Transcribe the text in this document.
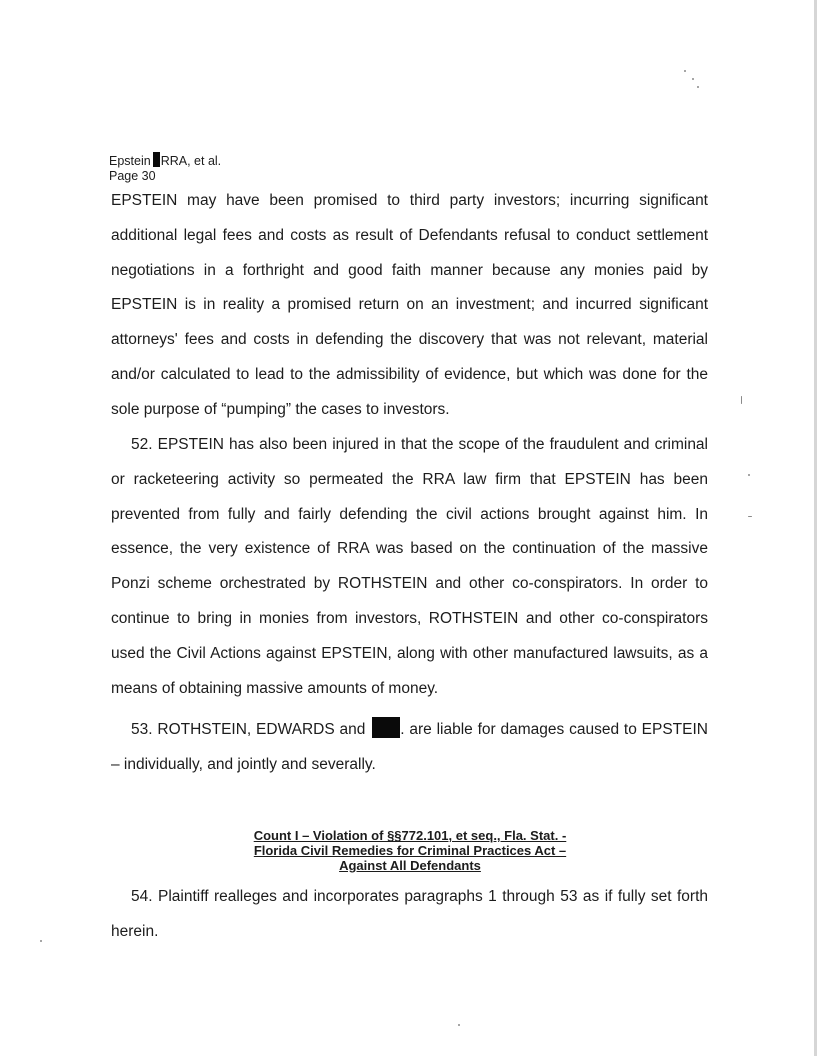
Epstein RRA, et al.
Page 30

EPSTEIN may have been promised to third party investors; incurring significant additional legal fees and costs as result of Defendants refusal to conduct settlement negotiations in a forthright and good faith manner because any monies paid by EPSTEIN is in reality a promised return on an investment; and incurred significant attorneys' fees and costs in defending the discovery that was not relevant, material and/or calculated to lead to the admissibility of evidence, but which was done for the sole purpose of “pumping” the cases to investors.

52. EPSTEIN has also been injured in that the scope of the fraudulent and criminal or racketeering activity so permeated the RRA law firm that EPSTEIN has been prevented from fully and fairly defending the civil actions brought against him. In essence, the very existence of RRA was based on the continuation of the massive Ponzi scheme orchestrated by ROTHSTEIN and other co-conspirators. In order to continue to bring in monies from investors, ROTHSTEIN and other co-conspirators used the Civil Actions against EPSTEIN, along with other manufactured lawsuits, as a means of obtaining massive amounts of money.

53. ROTHSTEIN, EDWARDS and . are liable for damages caused to EPSTEIN – individually, and jointly and severally.

Count I – Violation of §§772.101, et seq., Fla. Stat. -
Florida Civil Remedies for Criminal Practices Act –
Against All Defendants

54. Plaintiff realleges and incorporates paragraphs 1 through 53 as if fully set forth herein.
